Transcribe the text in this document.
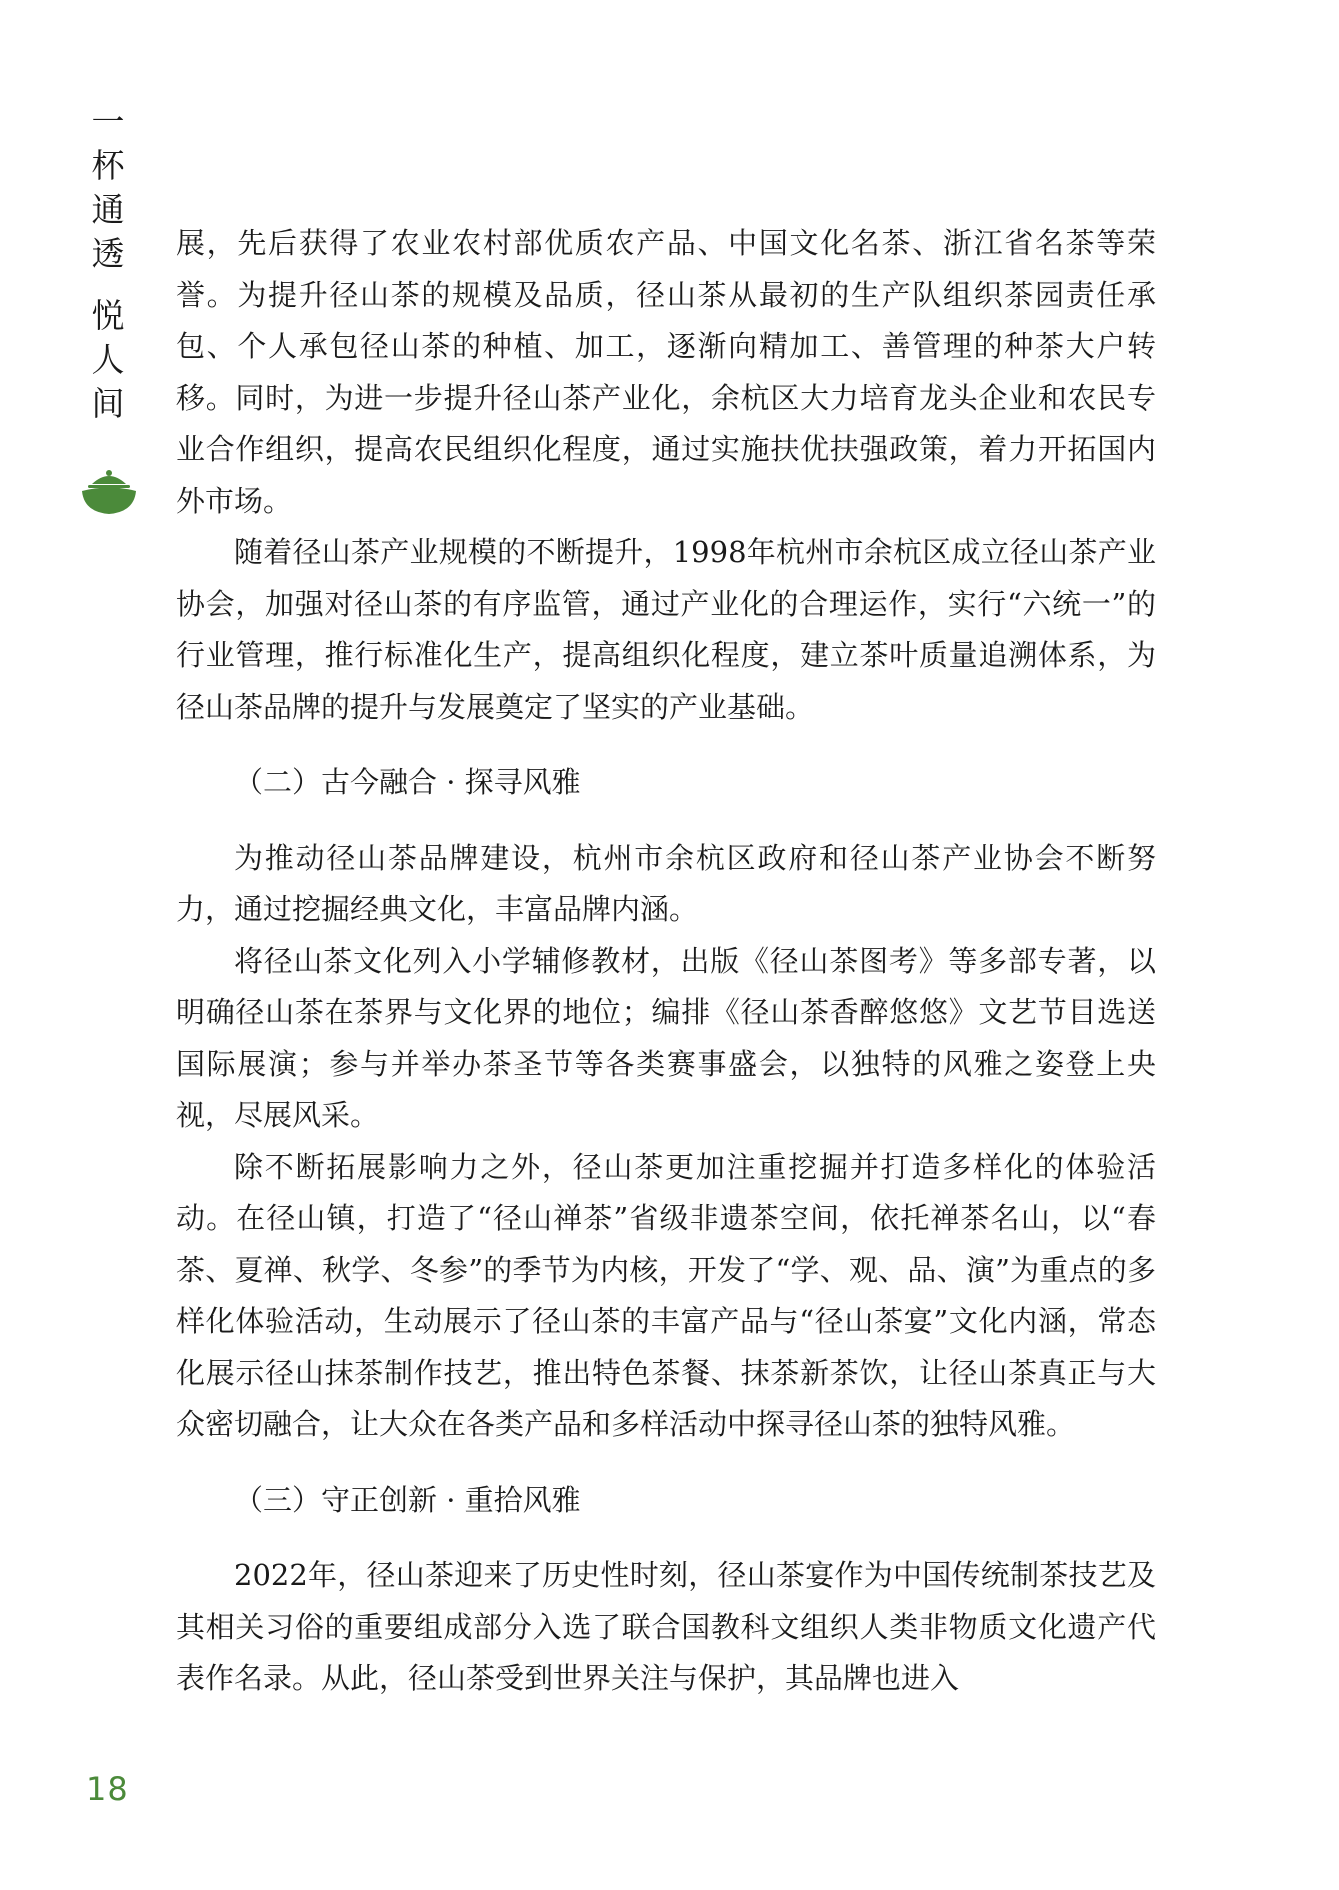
一
杯
通
透
悦
人
间

展，先后获得了农业农村部优质农产品、中国文化名茶、浙江省名茶等荣誉。为提升径山茶的规模及品质，径山茶从最初的生产队组织茶园责任承包、个人承包径山茶的种植、加工，逐渐向精加工、善管理的种茶大户转移。同时，为进一步提升径山茶产业化，余杭区大力培育龙头企业和农民专业合作组织，提高农民组织化程度，通过实施扶优扶强政策，着力开拓国内外市场。

随着径山茶产业规模的不断提升，1998年杭州市余杭区成立径山茶产业协会，加强对径山茶的有序监管，通过产业化的合理运作，实行“六统一”的行业管理，推行标准化生产，提高组织化程度，建立茶叶质量追溯体系，为径山茶品牌的提升与发展奠定了坚实的产业基础。

（二）古今融合 · 探寻风雅

为推动径山茶品牌建设，杭州市余杭区政府和径山茶产业协会不断努力，通过挖掘经典文化，丰富品牌内涵。

将径山茶文化列入小学辅修教材，出版《径山茶图考》等多部专著，以明确径山茶在茶界与文化界的地位；编排《径山茶香醉悠悠》文艺节目选送国际展演；参与并举办茶圣节等各类赛事盛会，以独特的风雅之姿登上央视，尽展风采。

除不断拓展影响力之外，径山茶更加注重挖掘并打造多样化的体验活动。在径山镇，打造了“径山禅茶”省级非遗茶空间，依托禅茶名山，以“春茶、夏禅、秋学、冬参”的季节为内核，开发了“学、观、品、演”为重点的多样化体验活动，生动展示了径山茶的丰富产品与“径山茶宴”文化内涵，常态化展示径山抹茶制作技艺，推出特色茶餐、抹茶新茶饮，让径山茶真正与大众密切融合，让大众在各类产品和多样活动中探寻径山茶的独特风雅。

（三）守正创新 · 重拾风雅

2022年，径山茶迎来了历史性时刻，径山茶宴作为中国传统制茶技艺及其相关习俗的重要组成部分入选了联合国教科文组织人类非物质文化遗产代表作名录。从此，径山茶受到世界关注与保护，其品牌也进入

18
